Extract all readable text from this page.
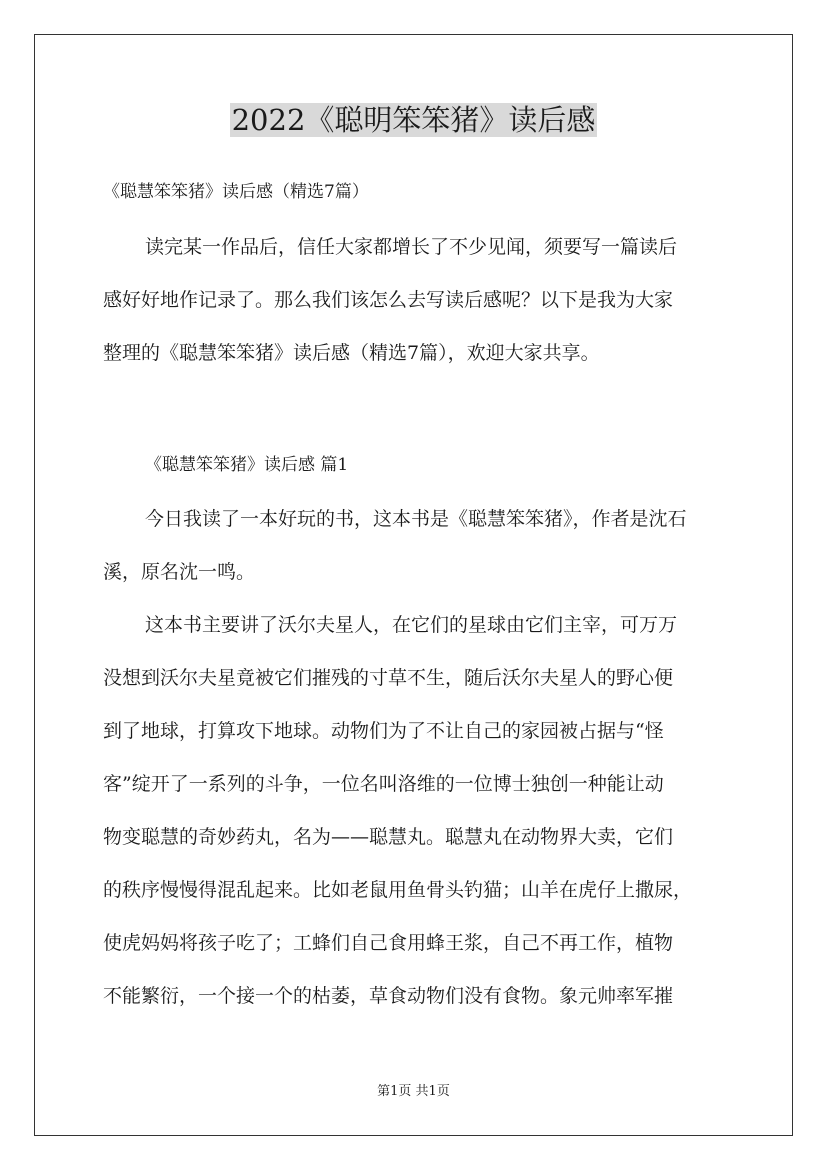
2022《聪明笨笨猪》读后感
《聪慧笨笨猪》读后感（精选7篇）
读完某一作品后，信任大家都增长了不少见闻，须要写一篇读后
感好好地作记录了。那么我们该怎么去写读后感呢？以下是我为大家
整理的《聪慧笨笨猪》读后感（精选7篇），欢迎大家共享。
《聪慧笨笨猪》读后感 篇1
今日我读了一本好玩的书，这本书是《聪慧笨笨猪》，作者是沈石
溪，原名沈一鸣。
这本书主要讲了沃尔夫星人，在它们的星球由它们主宰，可万万
没想到沃尔夫星竟被它们摧残的寸草不生，随后沃尔夫星人的野心便
到了地球，打算攻下地球。动物们为了不让自己的家园被占据与“怪
客”绽开了一系列的斗争，一位名叫洛维的一位博士独创一种能让动
物变聪慧的奇妙药丸，名为——聪慧丸。聪慧丸在动物界大卖，它们
的秩序慢慢得混乱起来。比如老鼠用鱼骨头钓猫；山羊在虎仔上撒尿，
使虎妈妈将孩子吃了；工蜂们自己食用蜂王浆，自己不再工作，植物
不能繁衍，一个接一个的枯萎，草食动物们没有食物。象元帅率军摧
第1页 共1页
